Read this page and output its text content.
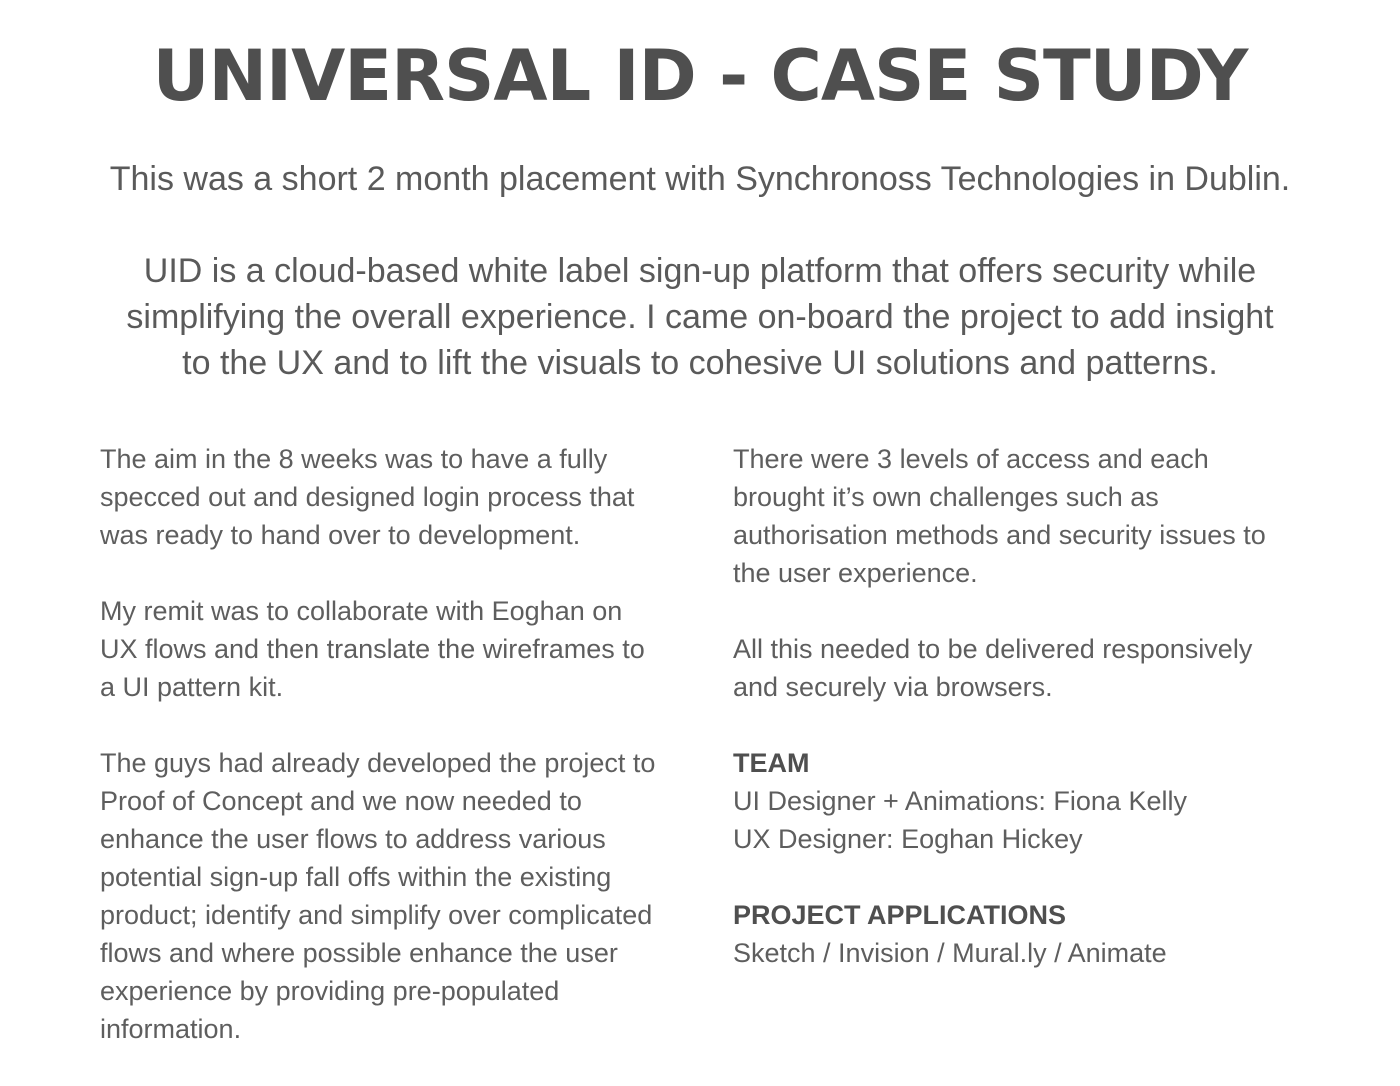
UNIVERSAL ID - CASE STUDY

This was a short 2 month placement with Synchronoss Technologies in Dublin.

UID is a cloud-based white label sign-up platform that offers security while
simplifying the overall experience. I came on-board the project to add insight
to the UX and to lift the visuals to cohesive UI solutions and patterns.

The aim in the 8 weeks was to have a fully
specced out and designed login process that
was ready to hand over to development.

My remit was to collaborate with Eoghan on
UX flows and then translate the wireframes to
a UI pattern kit.

The guys had already developed the project to
Proof of Concept and we now needed to
enhance the user flows to address various
potential sign-up fall offs within the existing
product; identify and simplify over complicated
flows and where possible enhance the user
experience by providing pre-populated
information.

There were 3 levels of access and each
brought it’s own challenges such as
authorisation methods and security issues to
the user experience.

All this needed to be delivered responsively
and securely via browsers.

TEAM
UI Designer + Animations: Fiona Kelly
UX Designer: Eoghan Hickey

PROJECT APPLICATIONS
Sketch / Invision / Mural.ly / Animate
